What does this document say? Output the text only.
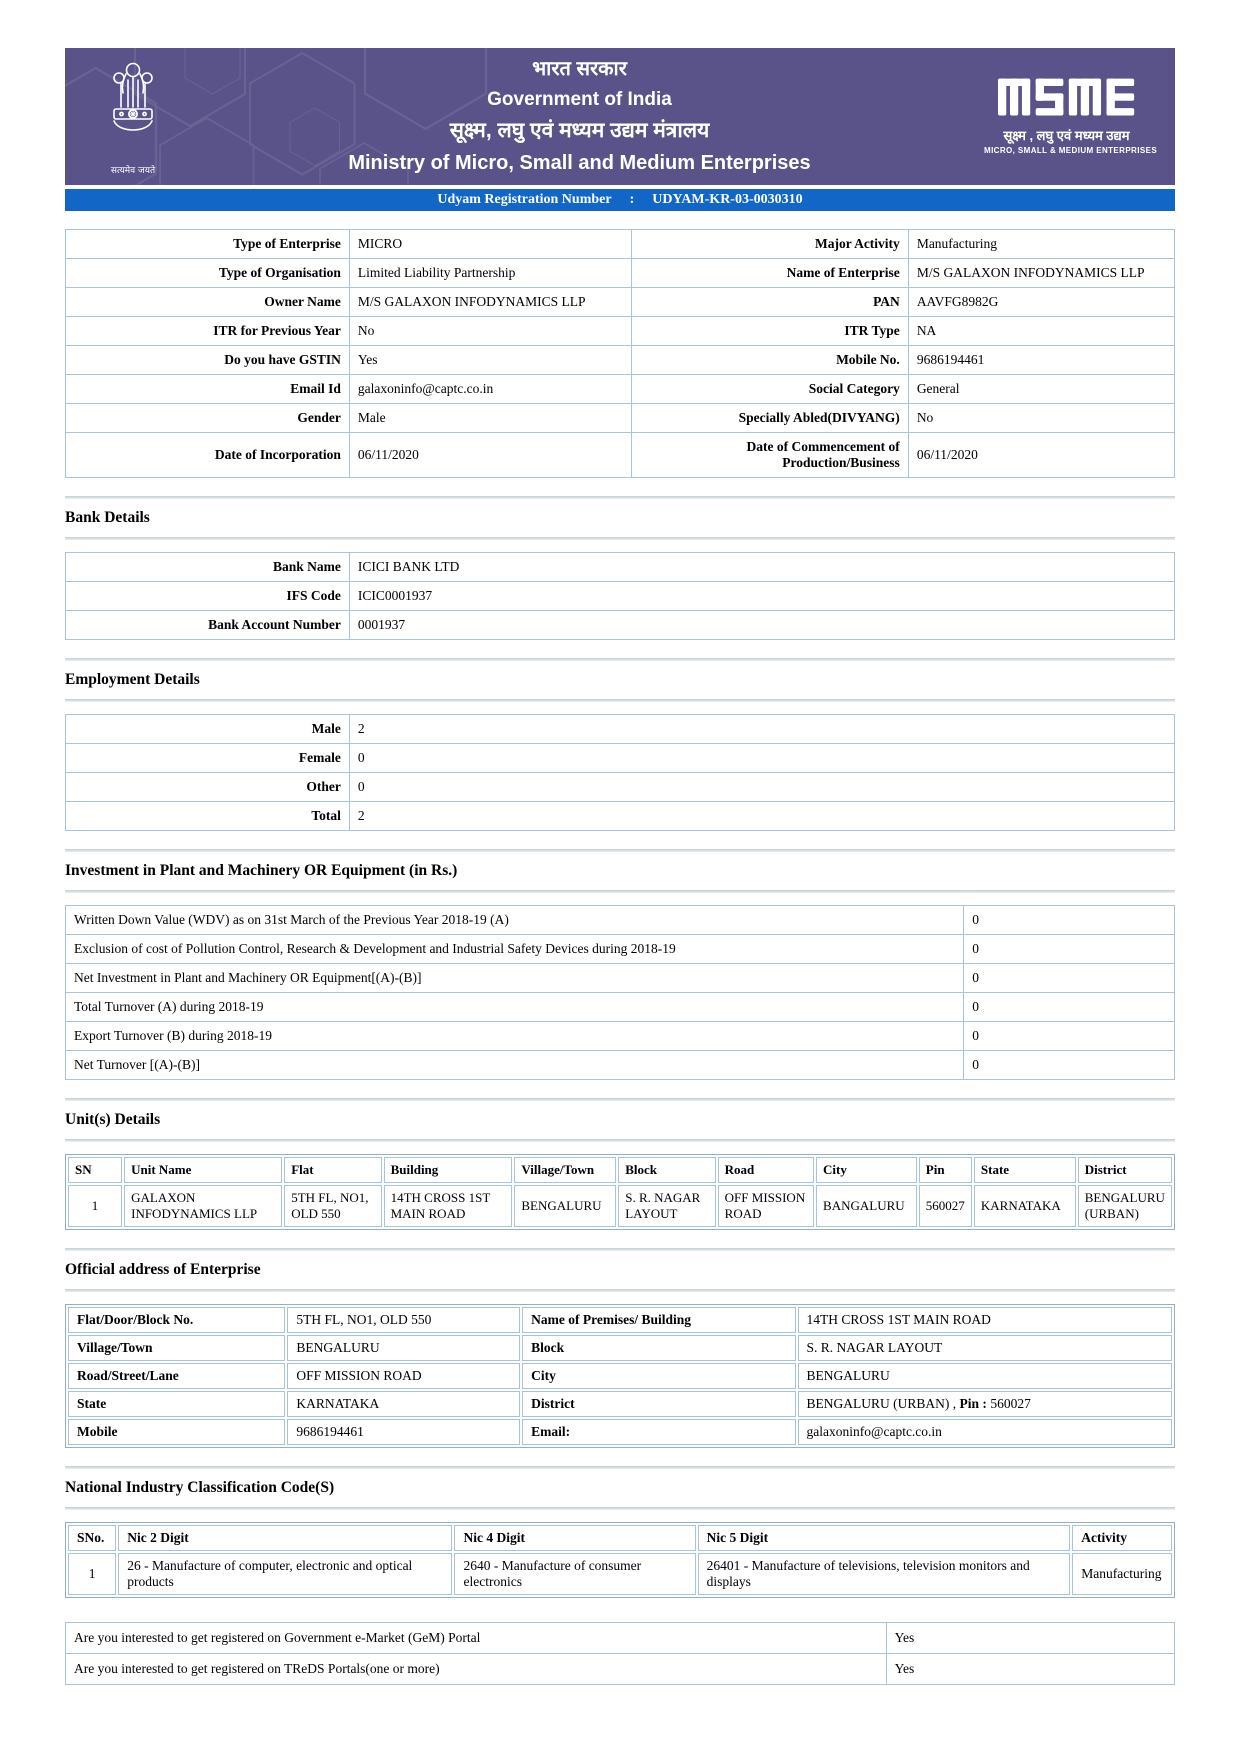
सत्यमेव जयते
भारत सरकार
Government of India
सूक्ष्म, लघु एवं मध्यम उद्यम मंत्रालय
Ministry of Micro, Small and Medium Enterprises
सूक्ष्म , लघु एवं मध्यम उद्यम
MICRO, SMALL & MEDIUM ENTERPRISES
Udyam Registration Number : UDYAM-KR-03-0030310
Type of Enterprise	MICRO	Major Activity	Manufacturing
Type of Organisation	Limited Liability Partnership	Name of Enterprise	M/S GALAXON INFODYNAMICS LLP
Owner Name	M/S GALAXON INFODYNAMICS LLP	PAN	AAVFG8982G
ITR for Previous Year	No	ITR Type	NA
Do you have GSTIN	Yes	Mobile No.	9686194461
Email Id	galaxoninfo@captc.co.in	Social Category	General
Gender	Male	Specially Abled(DIVYANG)	No
Date of Incorporation	06/11/2020	Date of Commencement of Production/Business	06/11/2020
Bank Details
Bank Name	ICICI BANK LTD
IFS Code	ICIC0001937
Bank Account Number	0001937
Employment Details
Male	2
Female	0
Other	0
Total	2
Investment in Plant and Machinery OR Equipment (in Rs.)
Written Down Value (WDV) as on 31st March of the Previous Year 2018-19 (A)	0
Exclusion of cost of Pollution Control, Research & Development and Industrial Safety Devices during 2018-19	0
Net Investment in Plant and Machinery OR Equipment[(A)-(B)]	0
Total Turnover (A) during 2018-19	0
Export Turnover (B) during 2018-19	0
Net Turnover [(A)-(B)]	0
Unit(s) Details
SN	Unit Name	Flat	Building	Village/Town	Block	Road	City	Pin	State	District
1	GALAXON INFODYNAMICS LLP	5TH FL, NO1, OLD 550	14TH CROSS 1ST MAIN ROAD	BENGALURU	S. R. NAGAR LAYOUT	OFF MISSION ROAD	BANGALURU	560027	KARNATAKA	BENGALURU (URBAN)
Official address of Enterprise
Flat/Door/Block No.	5TH FL, NO1, OLD 550	Name of Premises/ Building	14TH CROSS 1ST MAIN ROAD
Village/Town	BENGALURU	Block	S. R. NAGAR LAYOUT
Road/Street/Lane	OFF MISSION ROAD	City	BENGALURU
State	KARNATAKA	District	BENGALURU (URBAN) , Pin : 560027
Mobile	9686194461	Email:	galaxoninfo@captc.co.in
National Industry Classification Code(S)
SNo.	Nic 2 Digit	Nic 4 Digit	Nic 5 Digit	Activity
1	26 - Manufacture of computer, electronic and optical products	2640 - Manufacture of consumer electronics	26401 - Manufacture of televisions, television monitors and displays	Manufacturing
Are you interested to get registered on Government e-Market (GeM) Portal	Yes
Are you interested to get registered on TReDS Portals(one or more)	Yes
